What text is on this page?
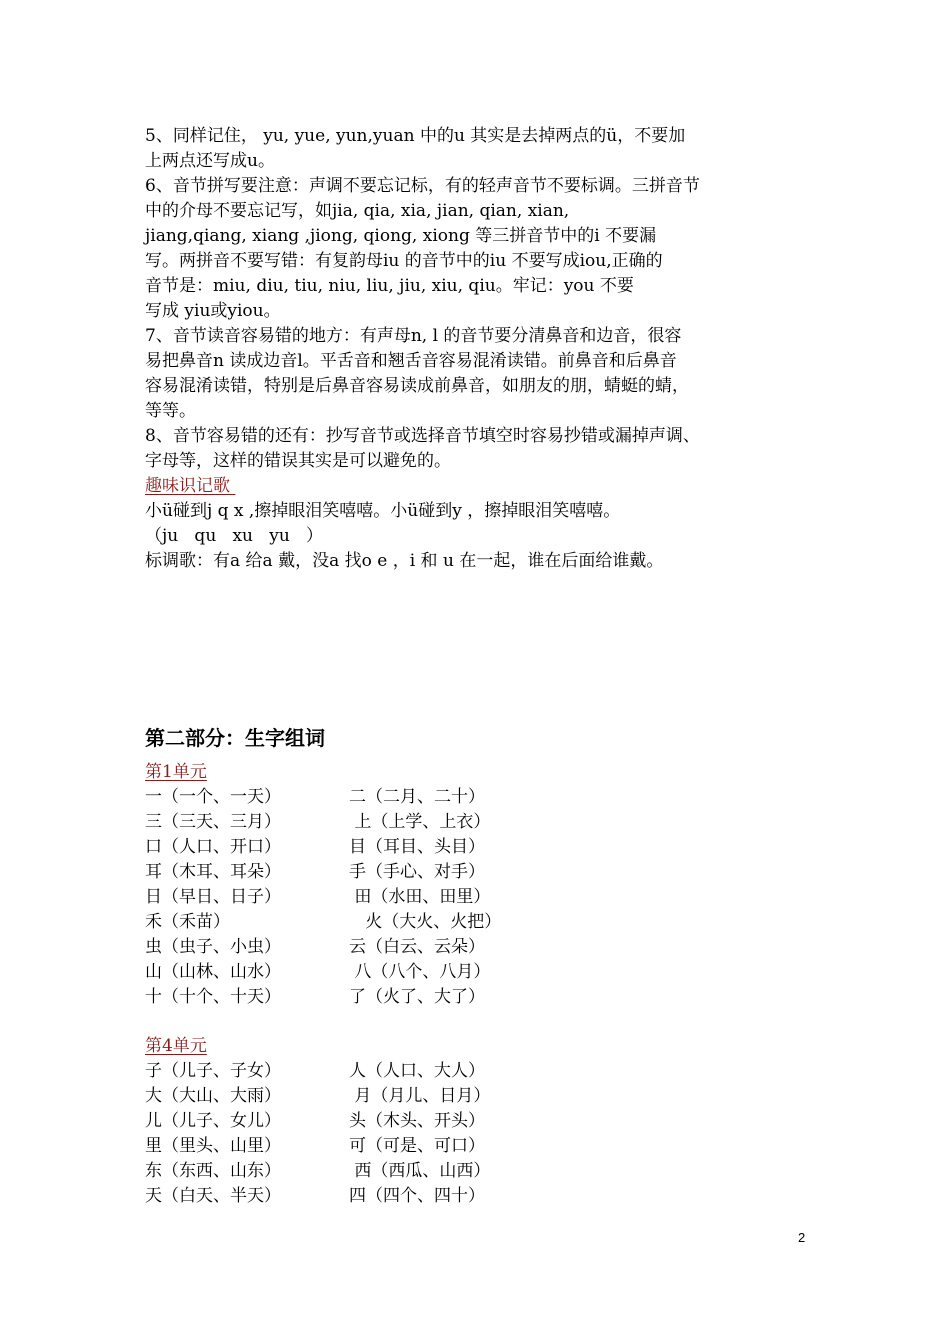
5、同样记住， yu, yue, yun,yuan 中的u 其实是去掉两点的ü，不要加

上两点还写成u。

6、音节拼写要注意：声调不要忘记标，有的轻声音节不要标调。三拼音节

中的介母不要忘记写，如jia, qia, xia, jian, qian, xian,

jiang,qiang, xiang ,jiong, qiong, xiong 等三拼音节中的i 不要漏

写。两拼音不要写错：有复韵母iu 的音节中的iu 不要写成iou,正确的

音节是：miu, diu, tiu, niu, liu, jiu, xiu, qiu。牢记：you 不要

写成 yiu或yiou。

7、音节读音容易错的地方：有声母n, l 的音节要分清鼻音和边音，很容

易把鼻音n 读成边音l。平舌音和翘舌音容易混淆读错。前鼻音和后鼻音

容易混淆读错，特别是后鼻音容易读成前鼻音，如朋友的朋，蜻蜓的蜻，

等等。

8、音节容易错的还有：抄写音节或选择音节填空时容易抄错或漏掉声调、

字母等，这样的错误其实是可以避免的。

趣味识记歌

小ü碰到j q x ,擦掉眼泪笑嘻嘻。小ü碰到y ，擦掉眼泪笑嘻嘻。

（ju   qu   xu   yu   ）

标调歌：有a 给a 戴，没a 找o e ，i 和 u 在一起，谁在后面给谁戴。

第二部分：生字组词

第1单元

一（一个、一天）	二（二月、二十）
三（三天、三月）	上（上学、上衣）
口（人口、开口）	目（耳目、头目）
耳（木耳、耳朵）	手（手心、对手）
日（早日、日子）	田（水田、田里）
禾（禾苗）	火（大火、火把）
虫（虫子、小虫）	云（白云、云朵）
山（山林、山水）	八（八个、八月）
十（十个、十天）	了（火了、大了）

第4单元

子（儿子、子女）	人（人口、大人）
大（大山、大雨）	月（月儿、日月）
儿（儿子、女儿）	头（木头、开头）
里（里头、山里）	可（可是、可口）
东（东西、山东）	西（西瓜、山西）
天（白天、半天）	四（四个、四十）
2
